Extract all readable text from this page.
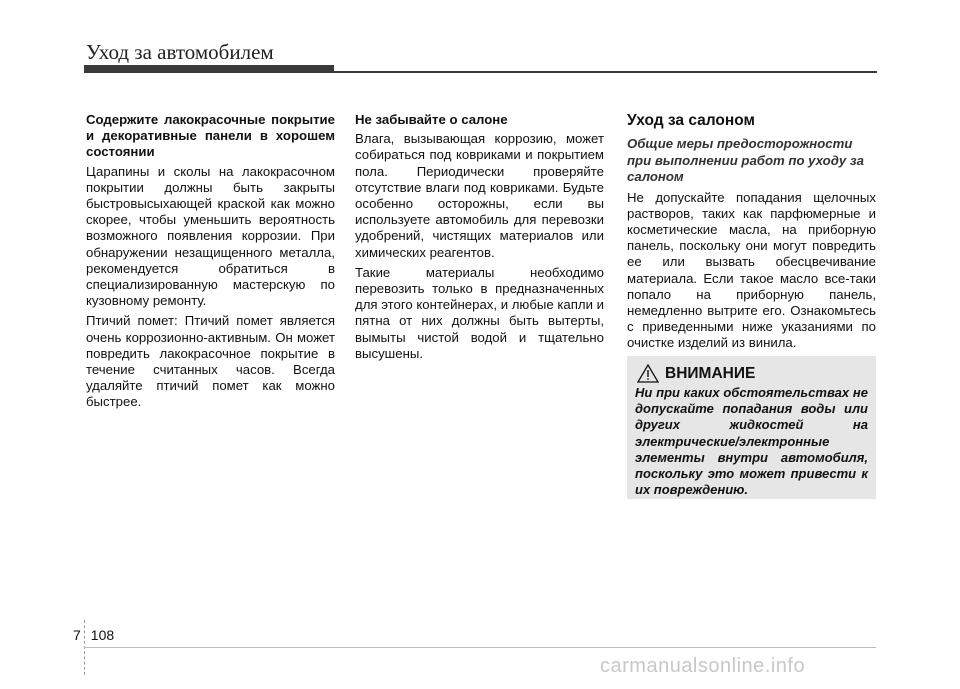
Уход за автомобилем
Содержите лакокрасочные покрытие и декоративные панели в хорошем состоянии
Царапины и сколы на лакокрасочном покрытии должны быть закрыты быстровысыхающей краской как можно скорее, чтобы уменьшить вероятность возможного появления коррозии. При обнаружении незащищенного металла, рекомендуется обратиться в специализированную мастерскую по кузовному ремонту.
Птичий помет: Птичий помет является очень коррозионно-активным. Он может повредить лакокрасочное покрытие в течение считанных часов. Всегда удаляйте птичий помет как можно быстрее.
Не забывайте о салоне
Влага, вызывающая коррозию, может собираться под ковриками и покрытием пола. Периодически проверяйте отсутствие влаги под ковриками. Будьте особенно осторожны, если вы используете автомобиль для перевозки удобрений, чистящих материалов или химических реагентов.
Такие материалы необходимо перевозить только в предназначенных для этого контейнерах, и любые капли и пятна от них должны быть вытерты, вымыты чистой водой и тщательно высушены.
Уход за салоном
Общие меры предосторожности при выполнении работ по уходу за салоном
Не допускайте попадания щелочных растворов, таких как парфюмерные и косметические масла, на приборную панель, поскольку они могут повредить ее или вызвать обесцвечивание материала. Если такое масло все-таки попало на приборную панель, немедленно вытрите его. Ознакомьтесь с приведенными ниже указаниями по очистке изделий из винила.
ВНИМАНИЕ
Ни при каких обстоятельствах не допускайте попадания воды или других жидкостей на электрические/электронные элементы внутри автомобиля, поскольку это может привести к их повреждению.
7 108
carmanualsonline.info
